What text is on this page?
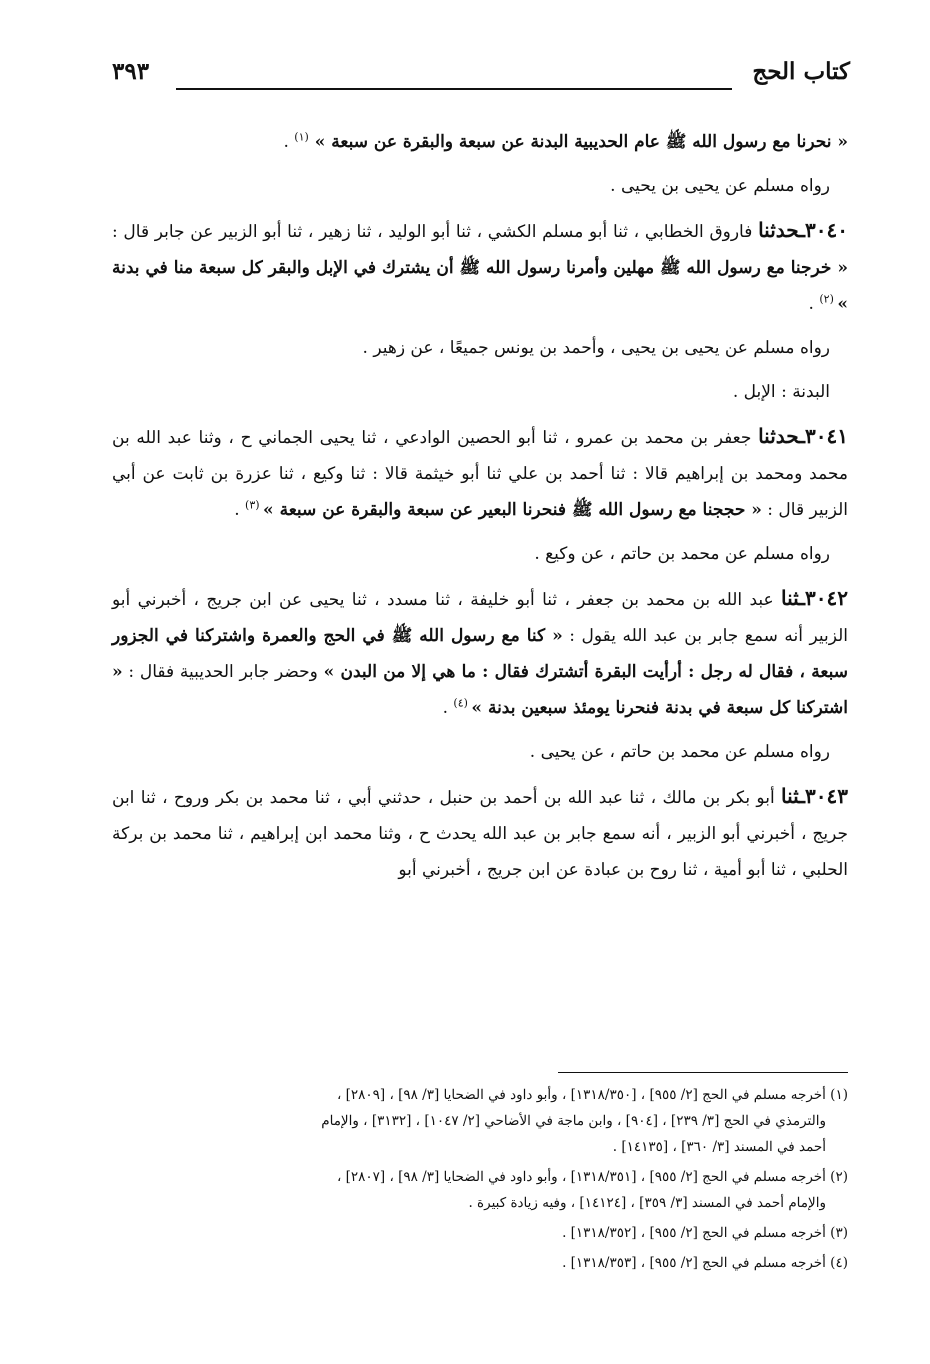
كتاب الحج
٣٩٣

« نحرنا مع رسول الله ﷺ عام الحديبية البدنة عن سبعة والبقرة عن سبعة » $^{(١)}$ .

رواه مسلم عن يحيى بن يحيى .

٣٠٤٠ـحدثنا فاروق الخطابي ، ثنا أبو مسلم الكشي ، ثنا أبو الوليد ، ثنا زهير ، ثنا أبو الزبير عن جابر قال : « خرجنا مع رسول الله ﷺ مهلين وأمرنا رسول الله ﷺ أن يشترك في الإبل والبقر كل سبعة منا في بدنة » $^{(٢)}$ .

رواه مسلم عن يحيى بن يحيى ، وأحمد بن يونس جميعًا ، عن زهير .

البدنة : الإبل .

٣٠٤١ـحدثنا جعفر بن محمد بن عمرو ، ثنا أبو الحصين الوادعي ، ثنا يحيى الجماني ح ، وثنا عبد الله بن محمد ومحمد بن إبراهيم قالا : ثنا أحمد بن علي ثنا أبو خيثمة قالا : ثنا وكيع ، ثنا عزرة بن ثابت عن أبي الزبير قال : « حججنا مع رسول الله ﷺ فنحرنا البعير عن سبعة والبقرة عن سبعة » $^{(٣)}$ .

رواه مسلم عن محمد بن حاتم ، عن وكيع .

٣٠٤٢ـثنا عبد الله بن محمد بن جعفر ، ثنا أبو خليفة ، ثنا مسدد ، ثنا يحيى عن ابن جريج ، أخبرني أبو الزبير أنه سمع جابر بن عبد الله يقول : « كنا مع رسول الله ﷺ في الحج والعمرة واشتركنا في الجزور سبعة ، فقال له رجل : أرأيت البقرة أتشترك فقال : ما هي إلا من البدن » وحضر جابر الحديبية فقال : « اشتركنا كل سبعة في بدنة فنحرنا يومئذ سبعين بدنة » $^{(٤)}$ .

رواه مسلم عن محمد بن حاتم ، عن يحيى .

٣٠٤٣ـثنا أبو بكر بن مالك ، ثنا عبد الله بن أحمد بن حنبل ، حدثني أبي ، ثنا محمد بن بكر وروح ، ثنا ابن جريج ، أخبرني أبو الزبير ، أنه سمع جابر بن عبد الله يحدث ح ، وثنا محمد ابن إبراهيم ، ثنا محمد بن بركة الحلبي ، ثنا أبو أمية ، ثنا روح بن عبادة عن ابن جريج ، أخبرني أبو

(١) أخرجه مسلم في الحج [٢/ ٩٥٥] ، [١٣١٨/٣٥٠] ، وأبو داود في الضحايا [٣/ ٩٨] ، [٢٨٠٩] ،
والترمذي في الحج [٣/ ٢٣٩] ، [٩٠٤] ، وابن ماجة في الأضاحي [٢/ ١٠٤٧] ، [٣١٣٢] ، والإمام
أحمد في المسند [٣/ ٣٦٠] ، [١٤١٣٥] .
(٢) أخرجه مسلم في الحج [٢/ ٩٥٥] ، [١٣١٨/٣٥١] ، وأبو داود في الضحايا [٣/ ٩٨] ، [٢٨٠٧] ،
والإمام أحمد في المسند [٣/ ٣٥٩] ، [١٤١٢٤] ، وفيه زيادة كبيرة .
(٣) أخرجه مسلم في الحج [٢/ ٩٥٥] ، [١٣١٨/٣٥٢] .
(٤) أخرجه مسلم في الحج [٢/ ٩٥٥] ، [١٣١٨/٣٥٣] .
